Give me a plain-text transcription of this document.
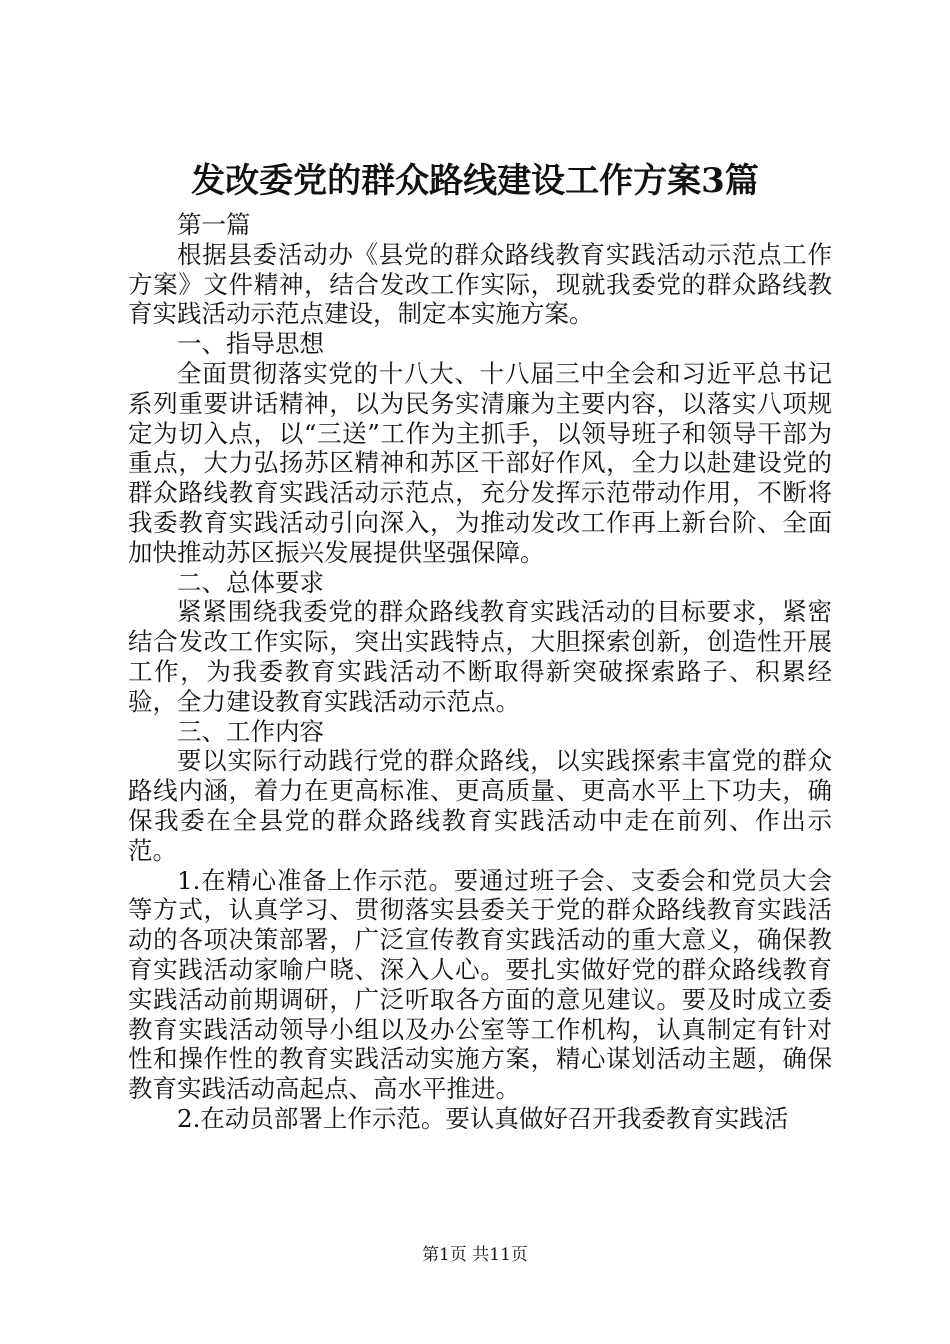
发改委党的群众路线建设工作方案3篇

第一篇

根据县委活动办《县党的群众路线教育实践活动示范点工作方案》文件精神，结合发改工作实际，现就我委党的群众路线教育实践活动示范点建设，制定本实施方案。

一、指导思想

全面贯彻落实党的十八大、十八届三中全会和习近平总书记系列重要讲话精神，以为民务实清廉为主要内容，以落实八项规定为切入点，以“三送”工作为主抓手，以领导班子和领导干部为重点，大力弘扬苏区精神和苏区干部好作风，全力以赴建设党的群众路线教育实践活动示范点，充分发挥示范带动作用，不断将我委教育实践活动引向深入，为推动发改工作再上新台阶、全面加快推动苏区振兴发展提供坚强保障。

二、总体要求

紧紧围绕我委党的群众路线教育实践活动的目标要求，紧密结合发改工作实际，突出实践特点，大胆探索创新，创造性开展工作，为我委教育实践活动不断取得新突破探索路子、积累经验，全力建设教育实践活动示范点。

三、工作内容

要以实际行动践行党的群众路线，以实践探索丰富党的群众路线内涵，着力在更高标准、更高质量、更高水平上下功夫，确保我委在全县党的群众路线教育实践活动中走在前列、作出示范。

1.在精心准备上作示范。要通过班子会、支委会和党员大会等方式，认真学习、贯彻落实县委关于党的群众路线教育实践活动的各项决策部署，广泛宣传教育实践活动的重大意义，确保教育实践活动家喻户晓、深入人心。要扎实做好党的群众路线教育实践活动前期调研，广泛听取各方面的意见建议。要及时成立委教育实践活动领导小组以及办公室等工作机构，认真制定有针对性和操作性的教育实践活动实施方案，精心谋划活动主题，确保教育实践活动高起点、高水平推进。

2.在动员部署上作示范。要认真做好召开我委教育实践活

第1页 共11页
